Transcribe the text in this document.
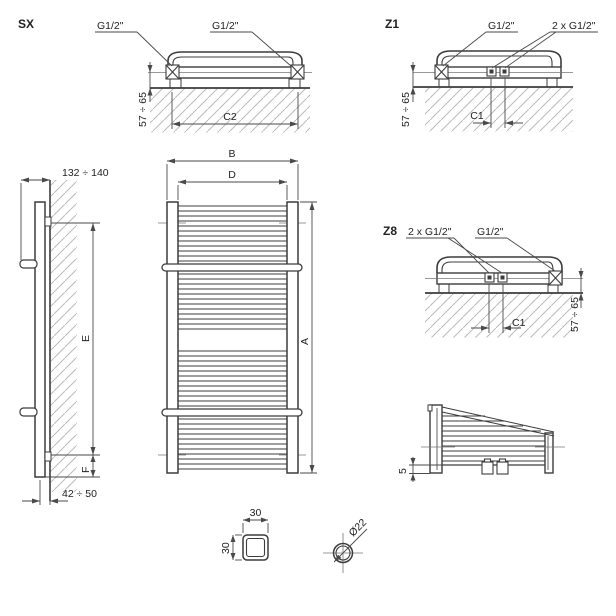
SX	G1/2"	G1/2"
57 ÷ 65	C2
Z1	G1/2"	2 x G1/2"
57 ÷ 65	C1
132 ÷ 140
E
F
42 ÷ 50
B
D
A
Z8 2 x G1/2" G1/2"
57 ÷ 65
C1
5
30
30
Ø22
